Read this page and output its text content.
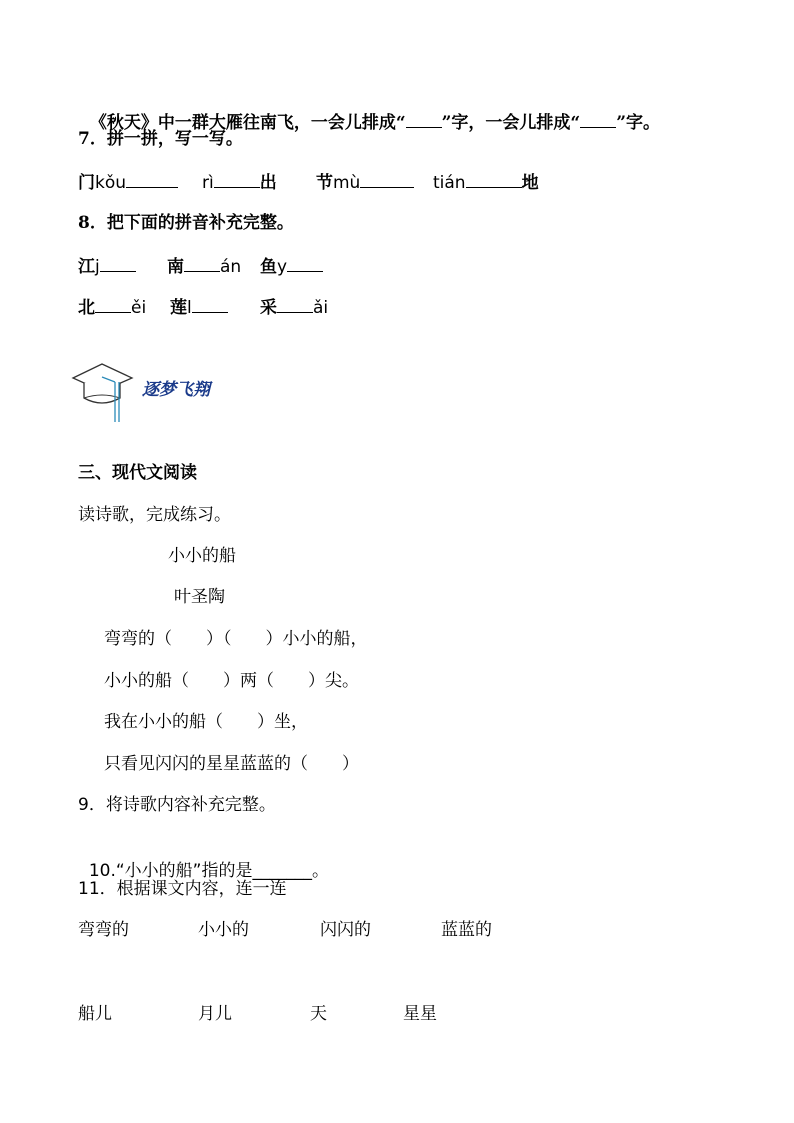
《秋天》中一群大雁往南飞，一会儿排成“ ”字，一会儿排成“ ”字。

7．拼一拼，写一写。
门kǒu	rì	出 节mù	tián	地
8．把下面的拼音补充完整。
江j	南 án 鱼y
北 ěi 莲l	采 ǎi
逐梦飞翔
三、现代文阅读
读诗歌，完成练习。
小小的船
叶圣陶
弯弯的（　　）（　　）小小的船，
小小的船（　　）两（　　）尖。
我在小小的船（　　）坐，
只看见闪闪的星星蓝蓝的（　　）
9．将诗歌内容补充完整。

10.“小小的船”指的是_______。

11．根据课文内容，连一连
弯弯的	小小的	闪闪的	蓝蓝的
船儿	月儿	天	星星
